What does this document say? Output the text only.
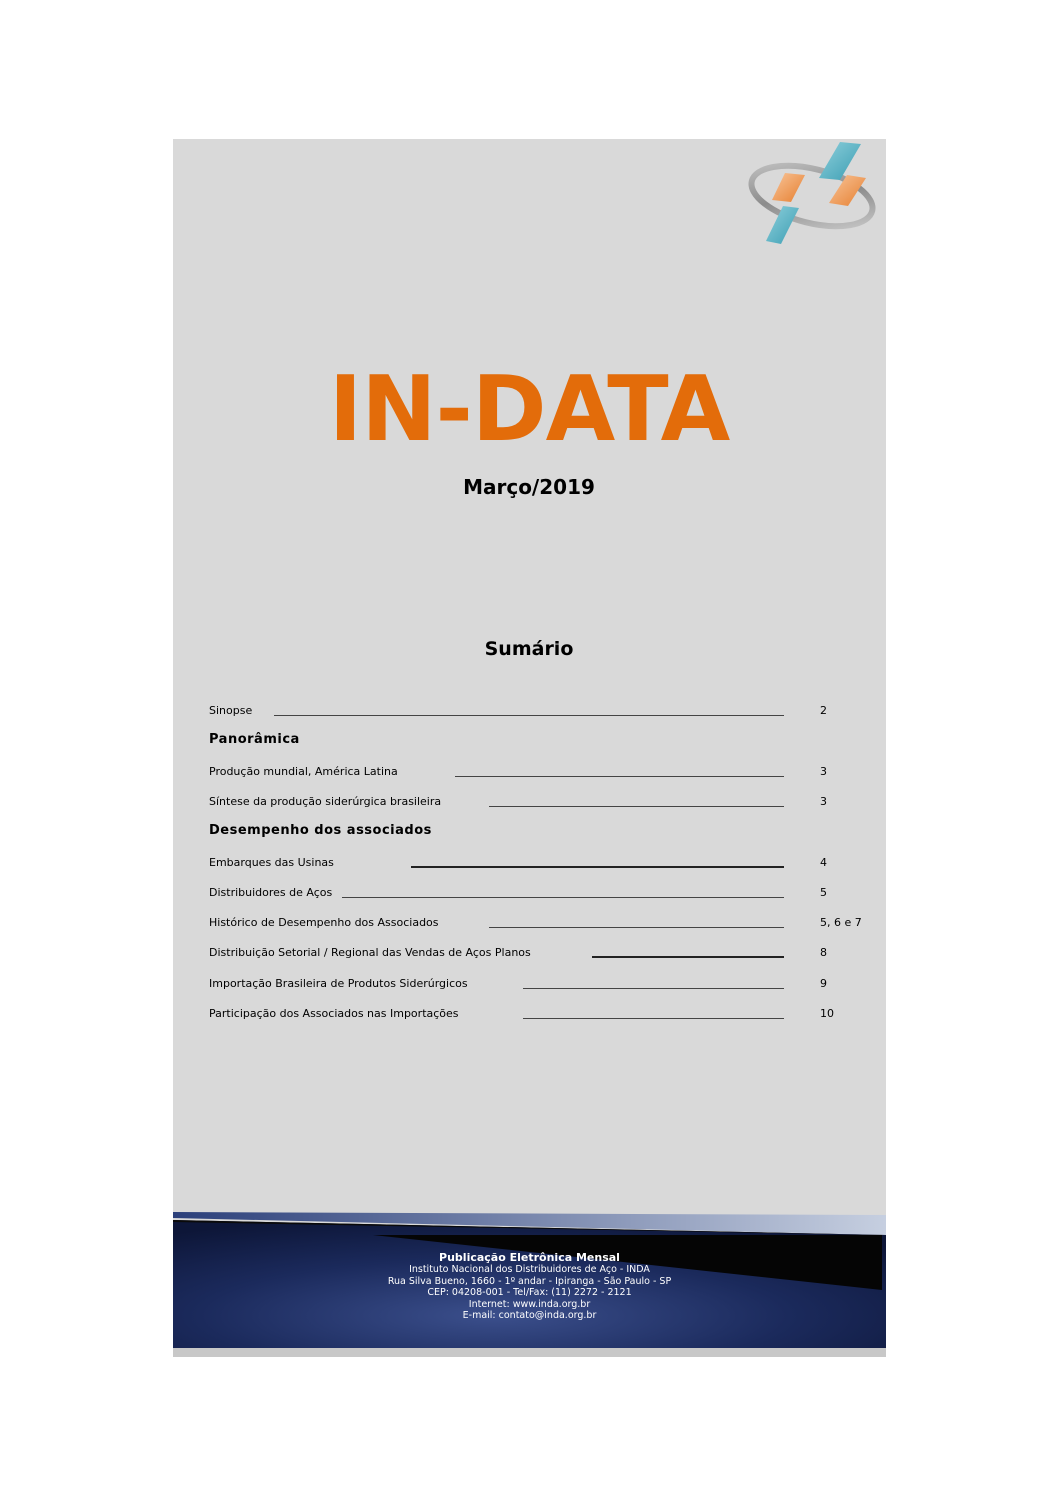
IN-DATA
Março/2019
Sumário
Sinopse	2
Panorâmica
Produção mundial, América Latina	3
Síntese da produção siderúrgica brasileira	3
Desempenho dos associados
Embarques das Usinas	4
Distribuidores de Aços	5
Histórico de Desempenho dos Associados	5, 6 e 7
Distribuição Setorial / Regional das Vendas de Aços Planos	8
Importação Brasileira de Produtos Siderúrgicos	9
Participação dos Associados nas Importações	10
Publicação Eletrônica Mensal
Instituto Nacional dos Distribuidores de Aço - INDA
Rua Silva Bueno, 1660 - 1º andar - Ipiranga - São Paulo - SP
CEP: 04208-001 - Tel/Fax: (11) 2272 - 2121
Internet: www.inda.org.br
E-mail: contato@inda.org.br
